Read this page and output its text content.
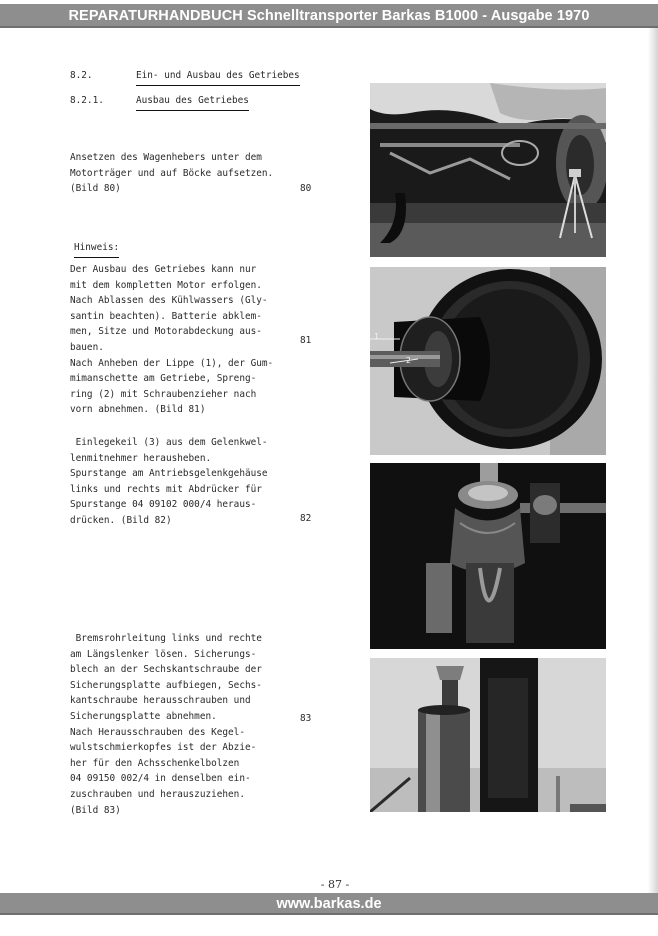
REPARATURHANDBUCH Schnelltransporter Barkas B1000 - Ausgabe 1970
8.2.	Ein- und Ausbau des Getriebes
8.2.1.	Ausbau des Getriebes
Ansetzen des Wagenhebers unter dem
Motorträger und auf Böcke aufsetzen.
(Bild 80)	80
Hinweis:
Der Ausbau des Getriebes kann nur
mit dem kompletten Motor erfolgen.
Nach Ablassen des Kühlwassers (Gly-
santin beachten). Batterie abklem-
men, Sitze und Motorabdeckung aus-
bauen.
Nach Anheben der Lippe (1), der Gum-
mimanschette am Getriebe, Spreng-
ring (2) mit Schraubenzieher nach
vorn abnehmen. (Bild 81)
81
Einlegekeil (3) aus dem Gelenkwel-
lenmitnehmer herausheben.
Spurstange am Antriebsgelenkgehäuse
links und rechts mit Abdrücker für
Spurstange 04 09102 000/4 heraus-
drücken. (Bild 82)	82
Bremsrohrleitung links und rechte
am Längslenker lösen. Sicherungs-
blech an der Sechskantschraube der
Sicherungsplatte aufbiegen, Sechs-
kantschraube herausschrauben und
Sicherungsplatte abnehmen.
Nach Herausschrauben des Kegel-
wulstschmierkopfes ist der Abzie-
her für den Achsschenkelbolzen
04 09150 002/4 in denselben ein-
zuschrauben und herauszuziehen.
(Bild 83)
83
1
2
- 87 -
www.barkas.de
